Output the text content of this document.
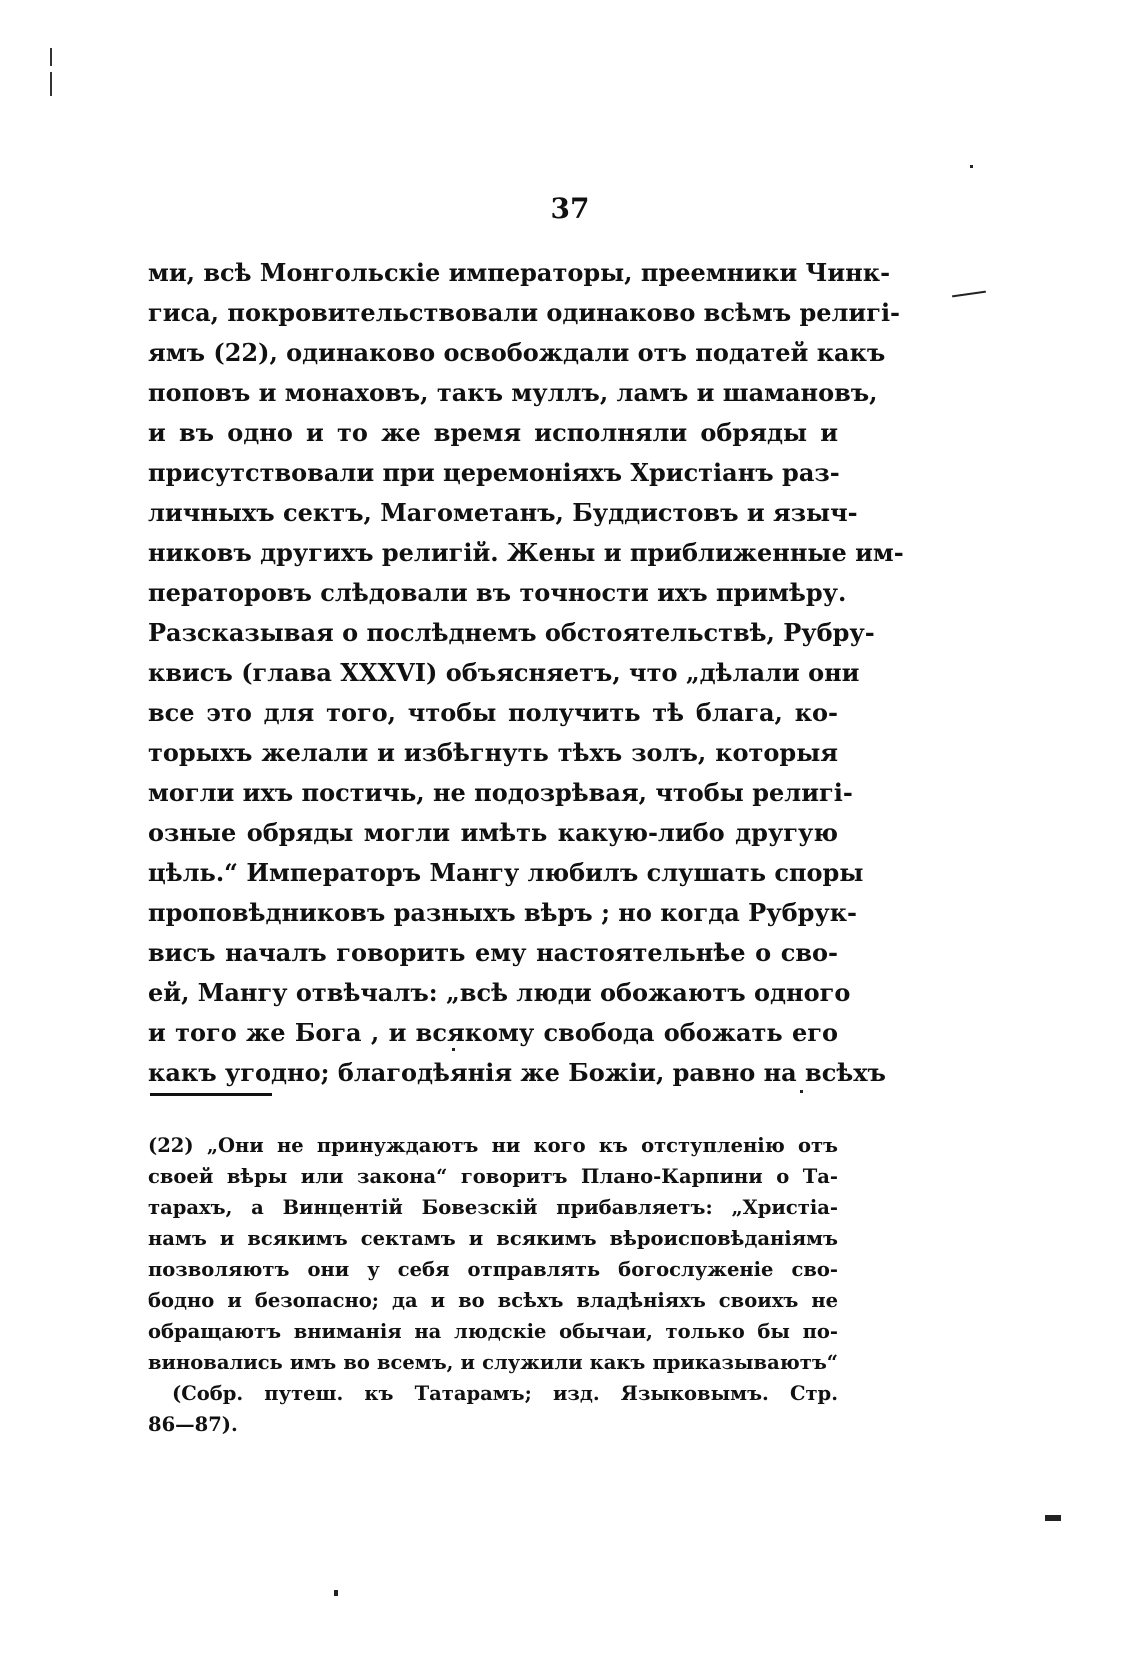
37
ми, всѣ Монгольскіе императоры, преемники Чинк-
гиса, покровительствовали одинаково всѣмъ религі-
ямъ (22), одинаково освобождали отъ податей какъ
поповъ и монаховъ, такъ муллъ, ламъ и шамановъ,
и въ одно и то же время исполняли обряды и
присутствовали при церемоніяхъ Христіанъ раз-
личныхъ сектъ, Магометанъ, Буддистовъ и языч-
никовъ другихъ религій. Жены и приближенные им-
ператоровъ слѣдовали въ точности ихъ примѣру.
Разсказывая о послѣднемъ обстоятельствѣ, Рубру-
квисъ (глава XXXVI) объясняетъ, что „дѣлали они
все это для того, чтобы получить тѣ блага, ко-
торыхъ желали и избѣгнуть тѣхъ золъ, которыя
могли ихъ постичь, не подозрѣвая, чтобы религі-
озные обряды могли имѣть какую-либо другую
цѣль.“ Императоръ Мангу любилъ слушать споры
проповѣдниковъ разныхъ вѣръ ; но когда Рубрук-
висъ началъ говорить ему настоятельнѣе о сво-
ей, Мангу отвѣчалъ: „всѣ люди обожаютъ одного
и того же Бога , и всякому свобода обожать его
какъ угодно; благодѣянія же Божіи, равно на всѣхъ
(22) „Они не принуждаютъ ни кого къ отступленію отъ
своей вѣры или закона“ говоритъ Плано-Карпини о Та-
тарахъ, а Винцентій Бовезскій прибавляетъ: „Христіа-
намъ и всякимъ сектамъ и всякимъ вѣроисповѣданіямъ
позволяютъ они у себя отправлять богослуженіе сво-
бодно и безопасно; да и во всѣхъ владѣніяхъ своихъ не
обращаютъ вниманія на людскіе обычаи, только бы по-
виновались имъ во всемъ, и служили какъ приказываютъ“
(Собр. путеш. къ Татарамъ; изд. Языковымъ. Стр.
86—87).
